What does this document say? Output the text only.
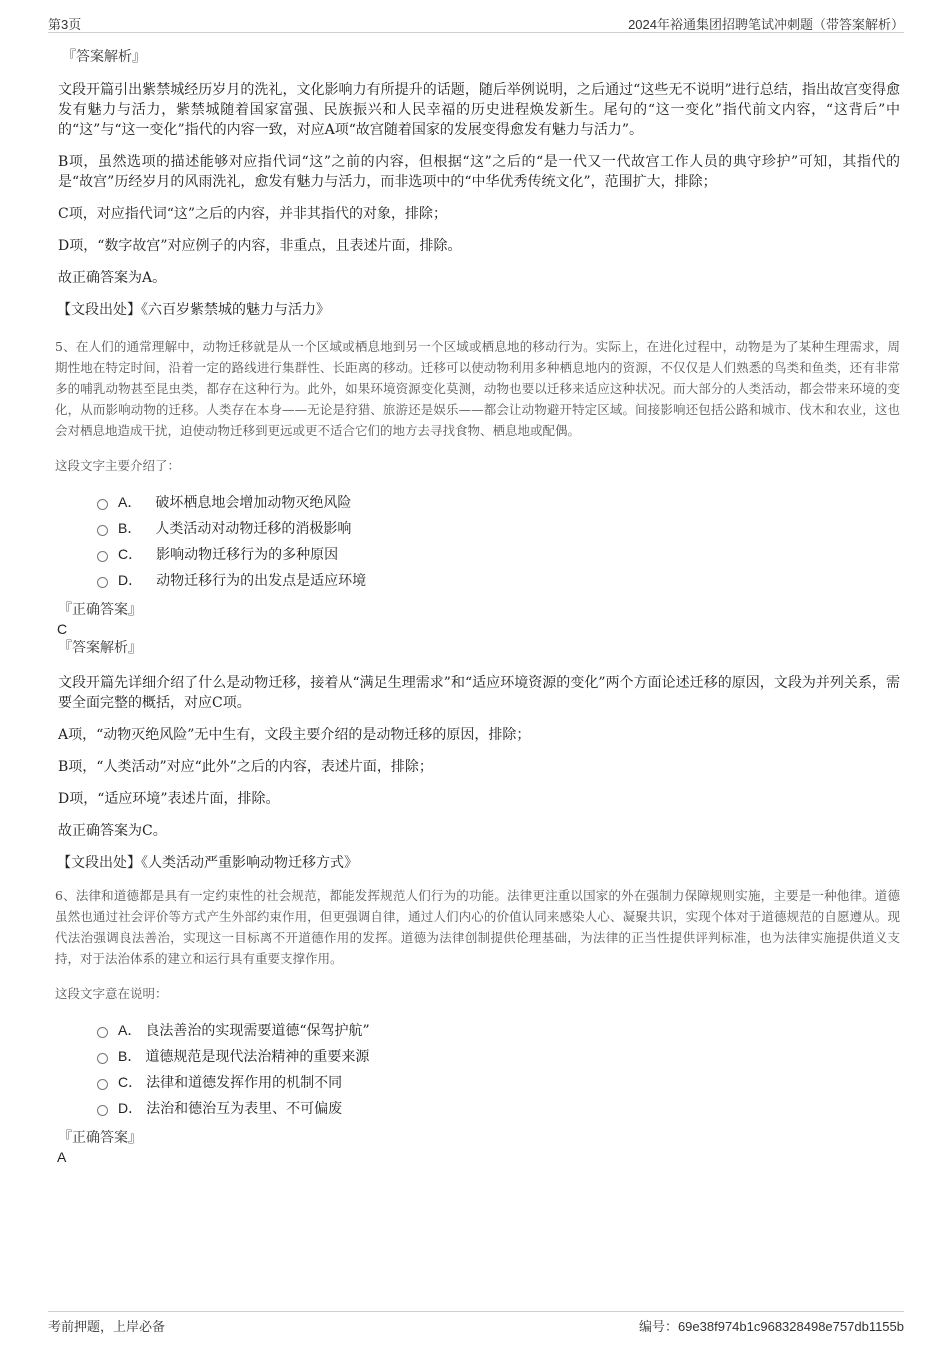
第3页	2024年裕通集团招聘笔试冲刺题（带答案解析）
『答案解析』

文段开篇引出紫禁城经历岁月的洗礼，文化影响力有所提升的话题，随后举例说明，之后通过“这些无不说明”进行总结，指出故宫变得愈发有魅力与活力，紫禁城随着国家富强、民族振兴和人民幸福的历史进程焕发新生。尾句的“这一变化”指代前文内容，“这背后”中的“这”与“这一变化”指代的内容一致，对应A项“故宫随着国家的发展变得愈发有魅力与活力”。

B项，虽然选项的描述能够对应指代词“这”之前的内容，但根据“这”之后的“是一代又一代故宫工作人员的典守珍护”可知，其指代的是“故宫”历经岁月的风雨洗礼，愈发有魅力与活力，而非选项中的“中华优秀传统文化”，范围扩大，排除；

C项，对应指代词“这”之后的内容，并非其指代的对象，排除；

D项，“数字故宫”对应例子的内容，非重点，且表述片面，排除。

故正确答案为A。

【文段出处】《六百岁紫禁城的魅力与活力》

5、在人们的通常理解中，动物迁移就是从一个区域或栖息地到另一个区域或栖息地的移动行为。实际上，在进化过程中，动物是为了某种生理需求，周期性地在特定时间，沿着一定的路线进行集群性、长距离的移动。迁移可以使动物利用多种栖息地内的资源，不仅仅是人们熟悉的鸟类和鱼类，还有非常多的哺乳动物甚至昆虫类，都存在这种行为。此外，如果环境资源变化莫测，动物也要以迁移来适应这种状况。而大部分的人类活动，都会带来环境的变化，从而影响动物的迁移。人类存在本身——无论是狩猎、旅游还是娱乐——都会让动物避开特定区域。间接影响还包括公路和城市、伐木和农业，这也会对栖息地造成干扰，迫使动物迁移到更远或更不适合它们的地方去寻找食物、栖息地或配偶。

这段文字主要介绍了：

A． 破坏栖息地会增加动物灭绝风险
B． 人类活动对动物迁移的消极影响
C． 影响动物迁移行为的多种原因
D． 动物迁移行为的出发点是适应环境
『正确答案』
C
『答案解析』

文段开篇先详细介绍了什么是动物迁移，接着从“满足生理需求”和“适应环境资源的变化”两个方面论述迁移的原因，文段为并列关系，需要全面完整的概括，对应C项。

A项，“动物灭绝风险”无中生有，文段主要介绍的是动物迁移的原因，排除；

B项，“人类活动”对应“此外”之后的内容，表述片面，排除；

D项，“适应环境”表述片面，排除。

故正确答案为C。

【文段出处】《人类活动严重影响动物迁移方式》

6、法律和道德都是具有一定约束性的社会规范，都能发挥规范人们行为的功能。法律更注重以国家的外在强制力保障规则实施，主要是一种他律。道德虽然也通过社会评价等方式产生外部约束作用，但更强调自律，通过人们内心的价值认同来感染人心、凝聚共识，实现个体对于道德规范的自愿遵从。现代法治强调良法善治，实现这一目标离不开道德作用的发挥。道德为法律创制提供伦理基础，为法律的正当性提供评判标准，也为法律实施提供道义支持，对于法治体系的建立和运行具有重要支撑作用。

这段文字意在说明：

A． 良法善治的实现需要道德“保驾护航”
B． 道德规范是现代法治精神的重要来源
C． 法律和道德发挥作用的机制不同
D． 法治和德治互为表里、不可偏废
『正确答案』
A
考前押题，上岸必备	编号：69e38f974b1c968328498e757db1155b
